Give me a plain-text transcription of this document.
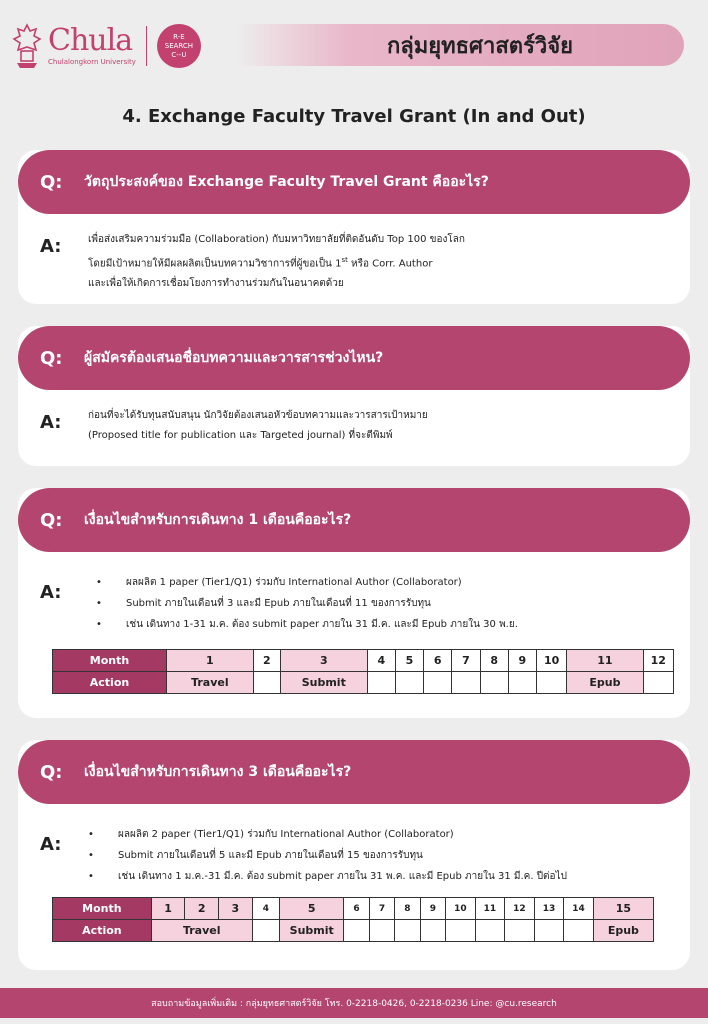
Chula
Chulalongkorn University
R-E
SEARCH
C--U	กลุ่มยุทธศาสตร์วิจัย
4. Exchange Faculty Travel Grant (In and Out)
Q:	วัตถุประสงค์ของ Exchange Faculty Travel Grant คืออะไร?
A:	เพื่อส่งเสริมความร่วมมือ (Collaboration) กับมหาวิทยาลัยที่ติดอันดับ Top 100 ของโลก
โดยมีเป้าหมายให้มีผลผลิตเป็นบทความวิชาการที่ผู้ขอเป็น 1st หรือ Corr. Author
และเพื่อให้เกิดการเชื่อมโยงการทำงานร่วมกันในอนาคตด้วย
Q:	ผู้สมัครต้องเสนอชื่อบทความและวารสารช่วงไหน?
A:	ก่อนที่จะได้รับทุนสนับสนุน นักวิจัยต้องเสนอหัวข้อบทความและวารสารเป้าหมาย
(Proposed title for publication และ Targeted journal) ที่จะตีพิมพ์
Q:	เงื่อนไขสำหรับการเดินทาง 1 เดือนคืออะไร?
A:	• ผลผลิต 1 paper (Tier1/Q1) ร่วมกับ International Author (Collaborator)
• Submit ภายในเดือนที่ 3 และมี Epub ภายในเดือนที่ 11 ของการรับทุน
• เช่น เดินทาง 1-31 ม.ค. ต้อง submit paper ภายใน 31 มี.ค. และมี Epub ภายใน 30 พ.ย.
Month	1	2	3	4	5	6	7	8	9	10	11	12
Action	Travel		Submit								Epub	
Q:	เงื่อนไขสำหรับการเดินทาง 3 เดือนคืออะไร?
A:	• ผลผลิต 2 paper (Tier1/Q1) ร่วมกับ International Author (Collaborator)
• Submit ภายในเดือนที่ 5 และมี Epub ภายในเดือนที่ 15 ของการรับทุน
• เช่น เดินทาง 1 ม.ค.-31 มี.ค. ต้อง submit paper ภายใน 31 พ.ค. และมี Epub ภายใน 31 มี.ค. ปีต่อไป
Month	1	2	3	4	5	6	7	8	9	10	11	12	13	14	15
Action	Travel				Submit										Epub
สอบถามข้อมูลเพิ่มเติม : กลุ่มยุทธศาสตร์วิจัย โทร. 0-2218-0426, 0-2218-0236 Line: @cu.research
